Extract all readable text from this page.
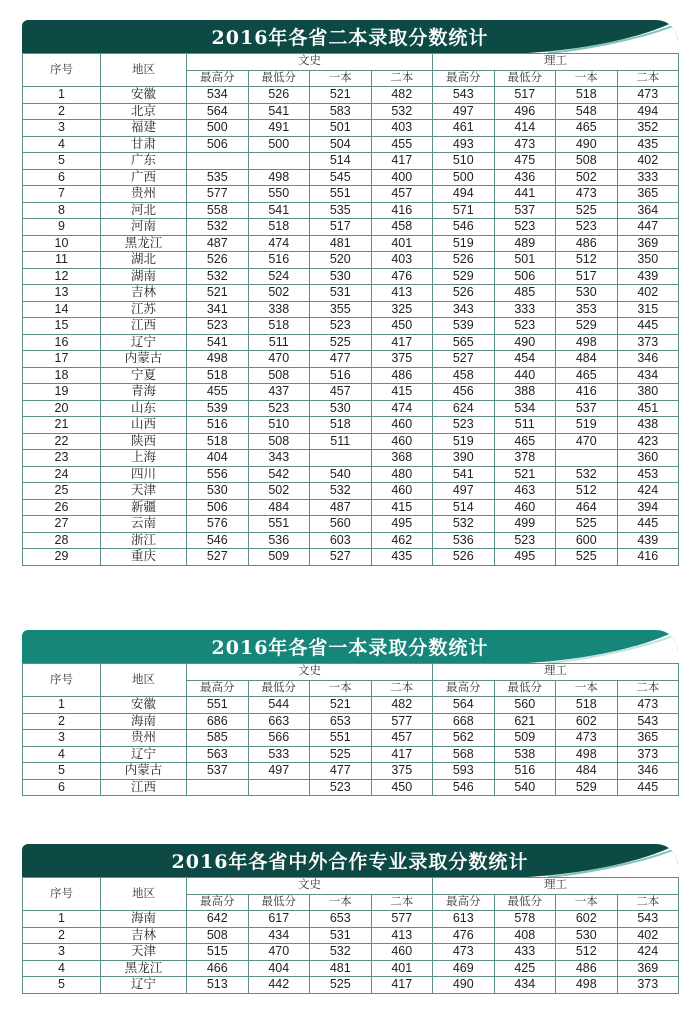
2016年各省二本录取分数统计
序号	地区	文史				理工			
		最高分	最低分	一本	二本	最高分	最低分	一本	二本
1	安徽	534	526	521	482	543	517	518	473
2	北京	564	541	583	532	497	496	548	494
3	福建	500	491	501	403	461	414	465	352
4	甘肃	506	500	504	455	493	473	490	435
5	广东			514	417	510	475	508	402
6	广西	535	498	545	400	500	436	502	333
7	贵州	577	550	551	457	494	441	473	365
8	河北	558	541	535	416	571	537	525	364
9	河南	532	518	517	458	546	523	523	447
10	黑龙江	487	474	481	401	519	489	486	369
11	湖北	526	516	520	403	526	501	512	350
12	湖南	532	524	530	476	529	506	517	439
13	吉林	521	502	531	413	526	485	530	402
14	江苏	341	338	355	325	343	333	353	315
15	江西	523	518	523	450	539	523	529	445
16	辽宁	541	511	525	417	565	490	498	373
17	内蒙古	498	470	477	375	527	454	484	346
18	宁夏	518	508	516	486	458	440	465	434
19	青海	455	437	457	415	456	388	416	380
20	山东	539	523	530	474	624	534	537	451
21	山西	516	510	518	460	523	511	519	438
22	陕西	518	508	511	460	519	465	470	423
23	上海	404	343		368	390	378		360
24	四川	556	542	540	480	541	521	532	453
25	天津	530	502	532	460	497	463	512	424
26	新疆	506	484	487	415	514	460	464	394
27	云南	576	551	560	495	532	499	525	445
28	浙江	546	536	603	462	536	523	600	439
29	重庆	527	509	527	435	526	495	525	416
2016年各省一本录取分数统计
序号	地区	文史				理工			
		最高分	最低分	一本	二本	最高分	最低分	一本	二本
1	安徽	551	544	521	482	564	560	518	473
2	海南	686	663	653	577	668	621	602	543
3	贵州	585	566	551	457	562	509	473	365
4	辽宁	563	533	525	417	568	538	498	373
5	内蒙古	537	497	477	375	593	516	484	346
6	江西			523	450	546	540	529	445
2016年各省中外合作专业录取分数统计
序号	地区	文史				理工			
		最高分	最低分	一本	二本	最高分	最低分	一本	二本
1	海南	642	617	653	577	613	578	602	543
2	吉林	508	434	531	413	476	408	530	402
3	天津	515	470	532	460	473	433	512	424
4	黑龙江	466	404	481	401	469	425	486	369
5	辽宁	513	442	525	417	490	434	498	373
